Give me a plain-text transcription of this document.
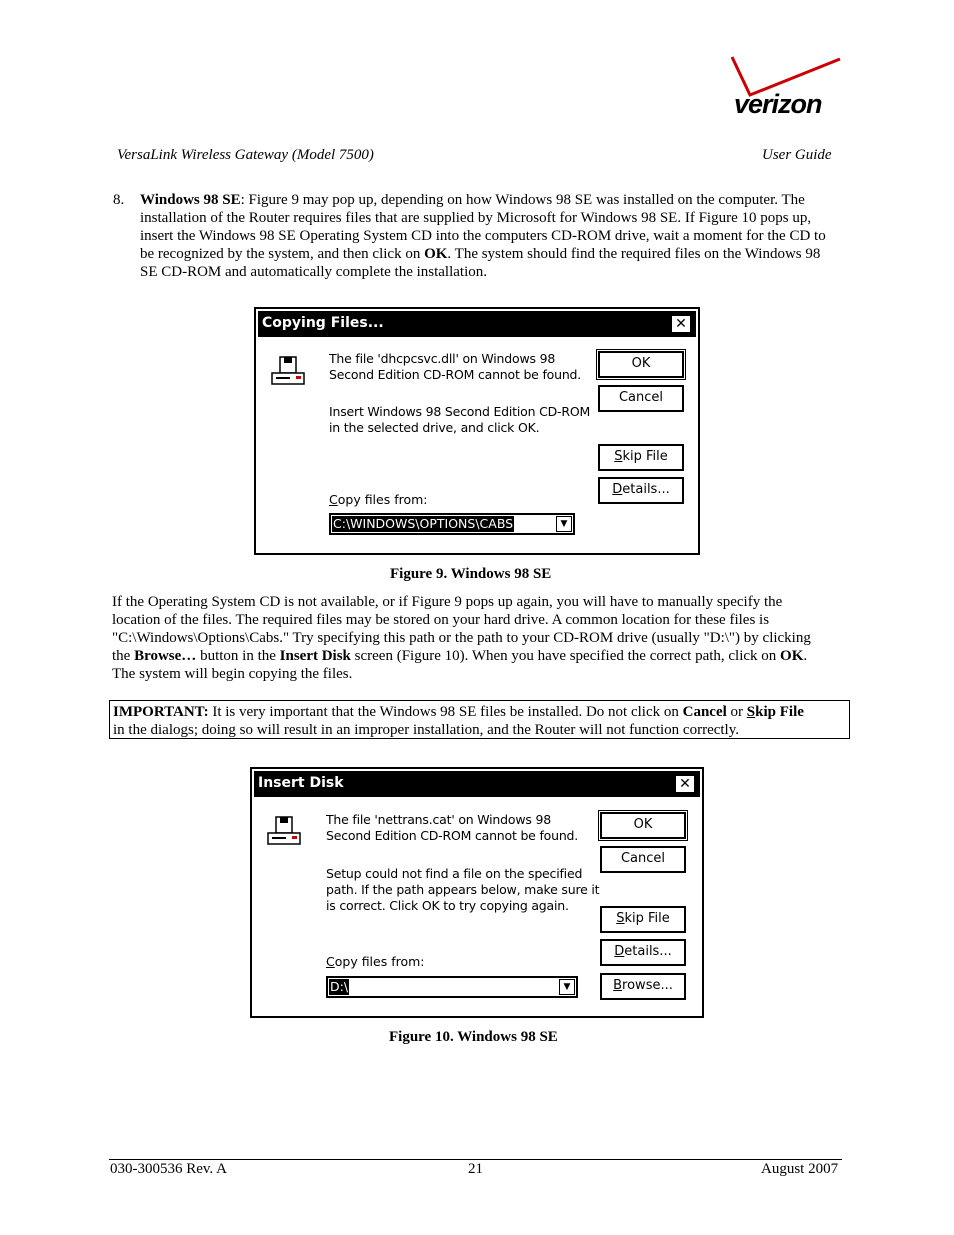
verizon
VersaLink Wireless Gateway (Model 7500)	User Guide
8. Windows 98 SE: Figure 9 may pop up, depending on how Windows 98 SE was installed on the computer. The
installation of the Router requires files that are supplied by Microsoft for Windows 98 SE. If Figure 10 pops up,
insert the Windows 98 SE Operating System CD into the computers CD-ROM drive, wait a moment for the CD to
be recognized by the system, and then click on OK. The system should find the required files on the Windows 98
SE CD-ROM and automatically complete the installation.
Copying Files...	✕
The file 'dhcpcsvc.dll' on Windows 98
Second Edition CD-ROM cannot be found.
Insert Windows 98 Second Edition CD-ROM
in the selected drive, and click OK.
OK
Cancel
Skip File
Details...
Copy files from:
C:\WINDOWS\OPTIONS\CABS	▼
Figure 9. Windows 98 SE
If the Operating System CD is not available, or if Figure 9 pops up again, you will have to manually specify the
location of the files. The required files may be stored on your hard drive. A common location for these files is
"C:\Windows\Options\Cabs." Try specifying this path or the path to your CD-ROM drive (usually "D:\") by clicking
the Browse… button in the Insert Disk screen (Figure 10). When you have specified the correct path, click on OK.
The system will begin copying the files.
IMPORTANT: It is very important that the Windows 98 SE files be installed. Do not click on Cancel or Skip File
in the dialogs; doing so will result in an improper installation, and the Router will not function correctly.
Insert Disk	✕
The file 'nettrans.cat' on Windows 98
Second Edition CD-ROM cannot be found.
Setup could not find a file on the specified
path. If the path appears below, make sure it
is correct. Click OK to try copying again.
OK
Cancel
Skip File
Details...
Browse...
Copy files from:
D:\	▼
Figure 10. Windows 98 SE
030-300536 Rev. A	21	August 2007
